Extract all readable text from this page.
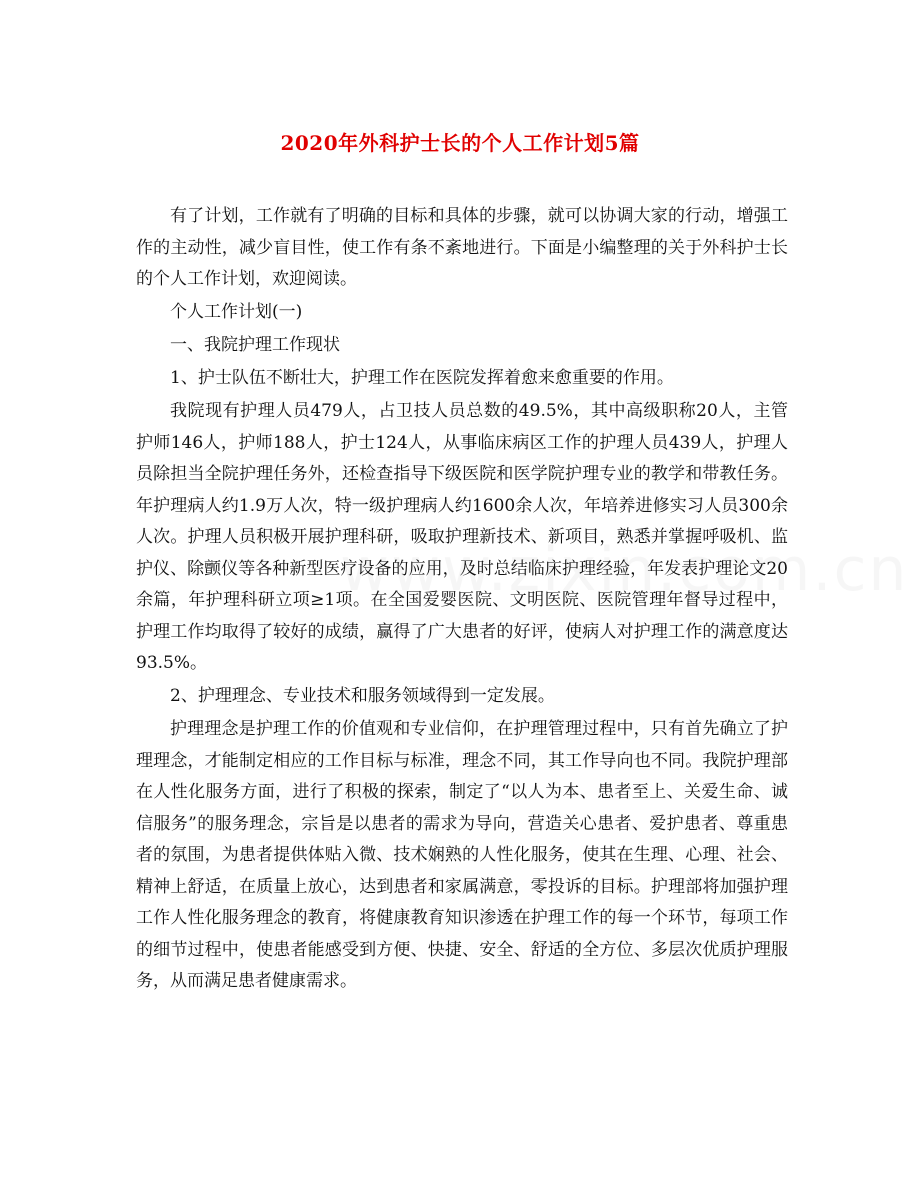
2020年外科护士长的个人工作计划5篇

有了计划，工作就有了明确的目标和具体的步骤，就可以协调大家的行动，增强工作的主动性，减少盲目性，使工作有条不紊地进行。下面是小编整理的关于外科护士长的个人工作计划，欢迎阅读。

个人工作计划(一)

一、我院护理工作现状

1、护士队伍不断壮大，护理工作在医院发挥着愈来愈重要的作用。

我院现有护理人员479人，占卫技人员总数的49.5%，其中高级职称20人，主管护师146人，护师188人，护士124人，从事临床病区工作的护理人员439人，护理人员除担当全院护理任务外，还检查指导下级医院和医学院护理专业的教学和带教任务。年护理病人约1.9万人次，特一级护理病人约1600余人次，年培养进修实习人员300余人次。护理人员积极开展护理科研，吸取护理新技术、新项目，熟悉并掌握呼吸机、监护仪、除颤仪等各种新型医疗设备的应用，及时总结临床护理经验，年发表护理论文20余篇，年护理科研立项≥1项。在全国爱婴医院、文明医院、医院管理年督导过程中，护理工作均取得了较好的成绩，赢得了广大患者的好评，使病人对护理工作的满意度达93.5%。

2、护理理念、专业技术和服务领域得到一定发展。

护理理念是护理工作的价值观和专业信仰，在护理管理过程中，只有首先确立了护理理念，才能制定相应的工作目标与标准，理念不同，其工作导向也不同。我院护理部在人性化服务方面，进行了积极的探索，制定了“以人为本、患者至上、关爱生命、诚信服务”的服务理念，宗旨是以患者的需求为导向，营造关心患者、爱护患者、尊重患者的氛围，为患者提供体贴入微、技术娴熟的人性化服务，使其在生理、心理、社会、精神上舒适，在质量上放心，达到患者和家属满意，零投诉的目标。护理部将加强护理工作人性化服务理念的教育，将健康教育知识渗透在护理工作的每一个环节，每项工作的细节过程中，使患者能感受到方便、快捷、安全、舒适的全方位、多层次优质护理服务，从而满足患者健康需求。
